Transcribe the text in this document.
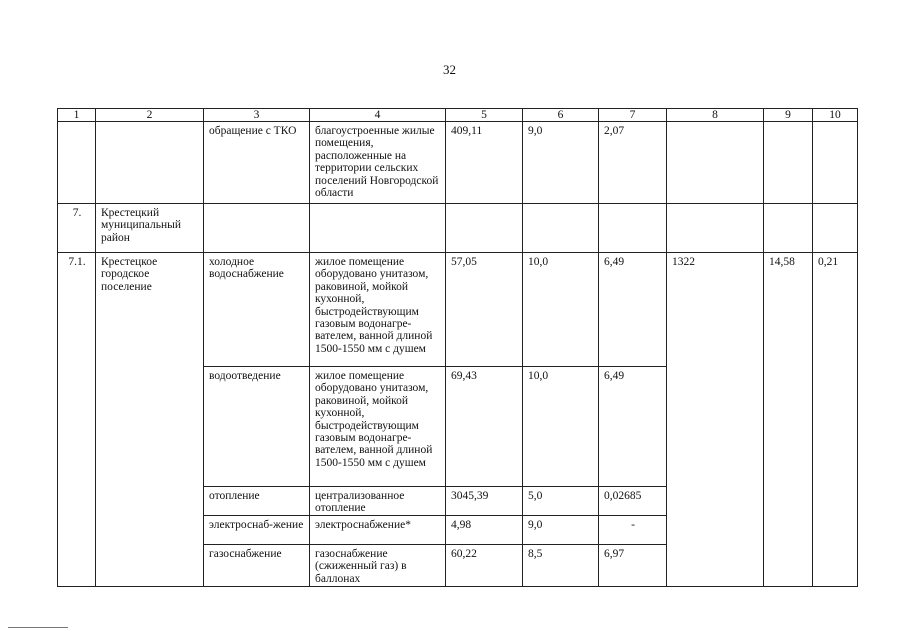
32
1	2	3	4	5	6	7	8	9	10
		обращение с ТКО	благоустроенные жилые помещения, расположенные на территории сельских поселений Новгородской области	409,11	9,0	2,07			
7.	Крестецкий муниципальный район								
7.1.	Крестецкое городское поселение	холодное водоснабжение	жилое помещение оборудовано унитазом, раковиной, мойкой кухонной, быстродействующим газовым водонагре-вателем, ванной длиной 1500-1550 мм с душем	57,05	10,0	6,49	1322	14,58	0,21
		водоотведение	жилое помещение оборудовано унитазом, раковиной, мойкой кухонной, быстродействующим газовым водонагре-вателем, ванной длиной 1500-1550 мм с душем	69,43	10,0	6,49			
		отопление	централизованное отопление	3045,39	5,0	0,02685			
		электроснаб-жение	электроснабжение*	4,98	9,0	-			
		газоснабжение	газоснабжение (сжиженный газ) в баллонах	60,22	8,5	6,97			
